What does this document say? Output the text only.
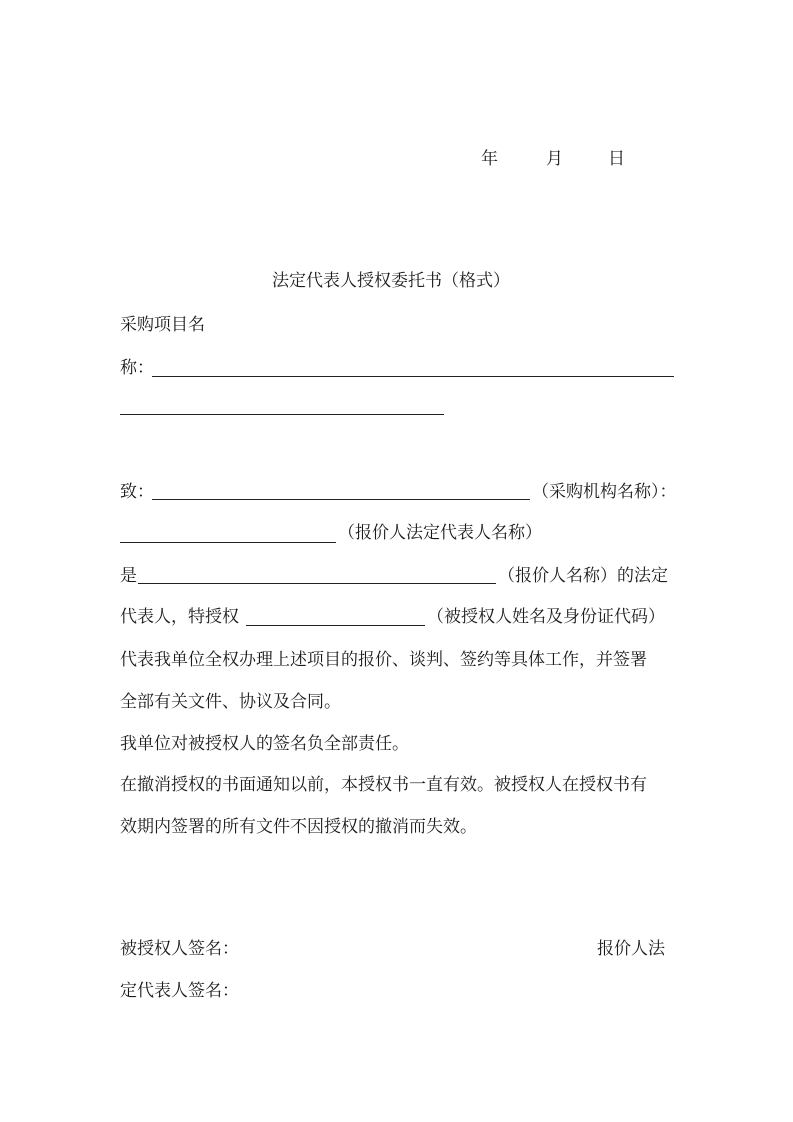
年	月	日
法定代表人授权委托书（格式）
采购项目名
称：
致：	（采购机构名称）：
（报价人法定代表人名称）
是	（报价人名称）的法定
代表人，特授权	（被授权人姓名及身份证代码）
代表我单位全权办理上述项目的报价、谈判、签约等具体工作，并签署
全部有关文件、协议及合同。
我单位对被授权人的签名负全部责任。
在撤消授权的书面通知以前，本授权书一直有效。被授权人在授权书有
效期内签署的所有文件不因授权的撤消而失效。
被授权人签名：	报价人法
定代表人签名：
